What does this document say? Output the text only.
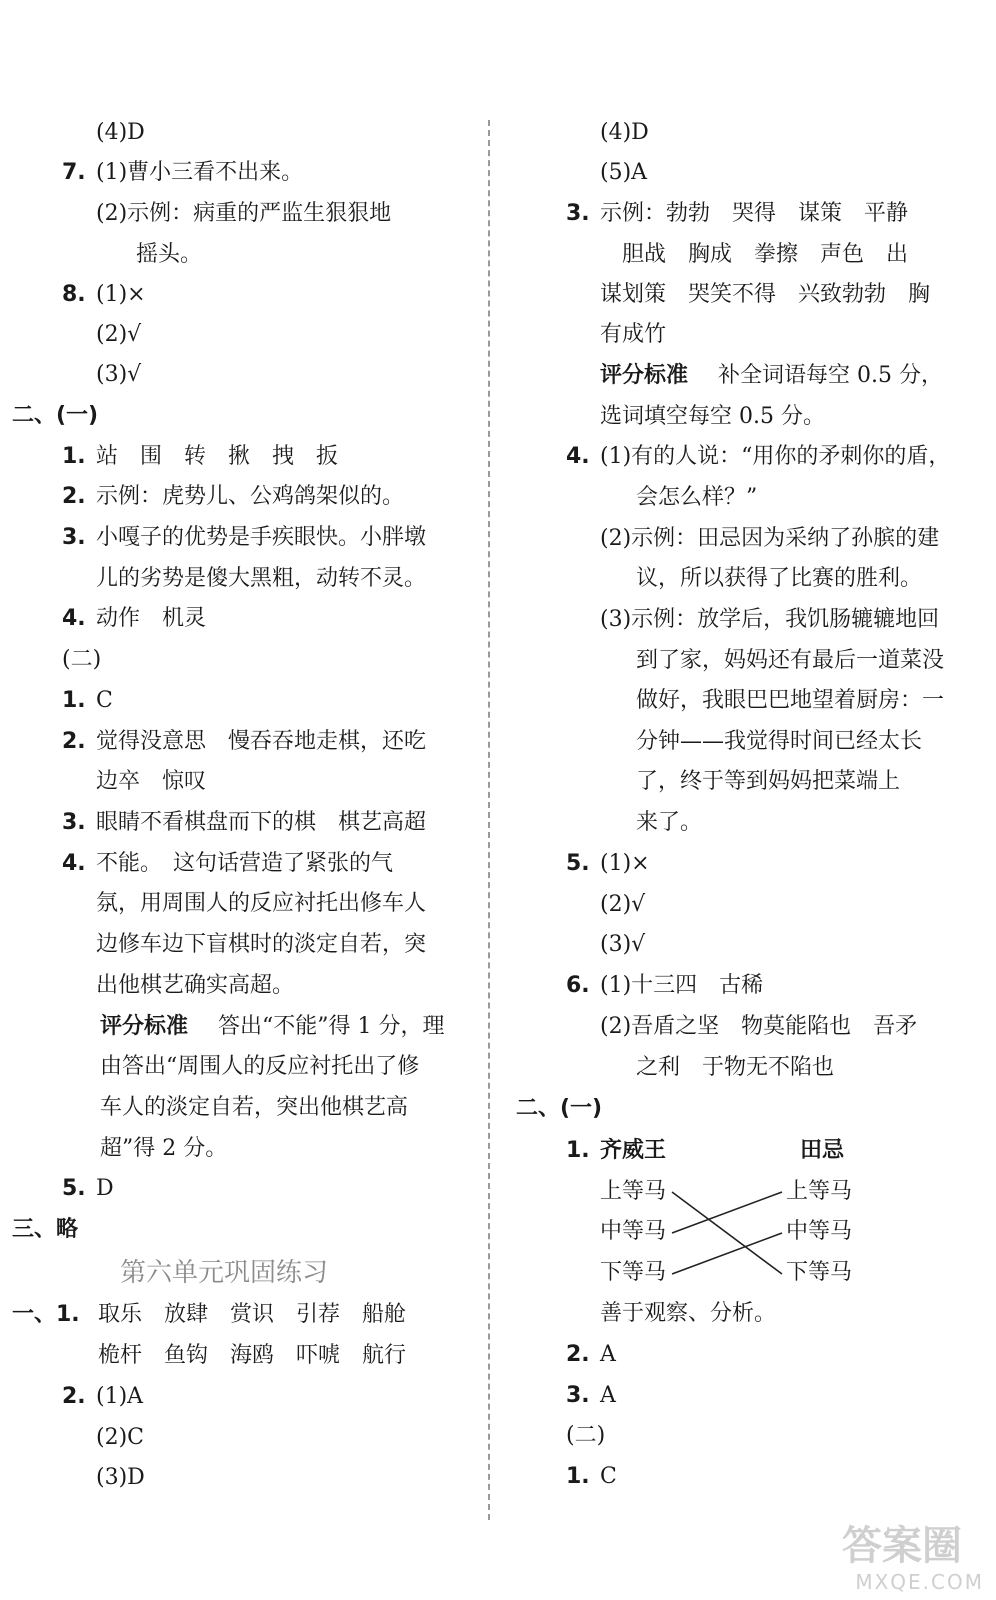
(4)D
7. (1)曹小三看不出来。
(2)示例：病重的严监生狠狠地
摇头。
8. (1)×
(2)√
(3)√
二、(一)
1. 站　围　转　揪　拽　扳
2. 示例：虎势儿、公鸡鸽架似的。
3. 小嘎子的优势是手疾眼快。小胖墩
儿的劣势是傻大黑粗，动转不灵。
4. 动作　机灵
(二)
1. C
2. 觉得没意思　慢吞吞地走棋，还吃
边卒　惊叹
3. 眼睛不看棋盘而下的棋　棋艺高超
4. 不能。　这句话营造了紧张的气
氛，用周围人的反应衬托出修车人
边修车边下盲棋时的淡定自若，突
出他棋艺确实高超。
评分标准 　答出“不能”得 1 分，理
由答出“周围人的反应衬托出了修
车人的淡定自若，突出他棋艺高
超”得 2 分。
5. D
三、略
第六单元巩固练习
一、1. 取乐　放肆　赏识　引荐　船舱
桅杆　鱼钩　海鸥　吓唬　航行
2. (1)A
(2)C
(3)D
(4)D
(5)A
3. 示例：勃勃　哭得　谋策　平静
胆战　胸成　拳擦　声色　出
谋划策　哭笑不得　兴致勃勃　胸
有成竹
评分标准 　补全词语每空 0.5 分，
选词填空每空 0.5 分。
4. (1)有的人说：“用你的矛刺你的盾，
会怎么样？”
(2)示例：田忌因为采纳了孙膑的建
议，所以获得了比赛的胜利。
(3)示例：放学后，我饥肠辘辘地回
到了家，妈妈还有最后一道菜没
做好，我眼巴巴地望着厨房：一
分钟——我觉得时间已经太长
了，终于等到妈妈把菜端上
来了。
5. (1)×
(2)√
(3)√
6. (1)十三四　古稀
(2)吾盾之坚　物莫能陷也　吾矛
之利　于物无不陷也
二、(一)
1. 齐威王	田忌
上等马
中等马
下等马
上等马
中等马
下等马
善于观察、分析。
2. A
3. A
(二)
1. C
答案圈
MXQE.COM
